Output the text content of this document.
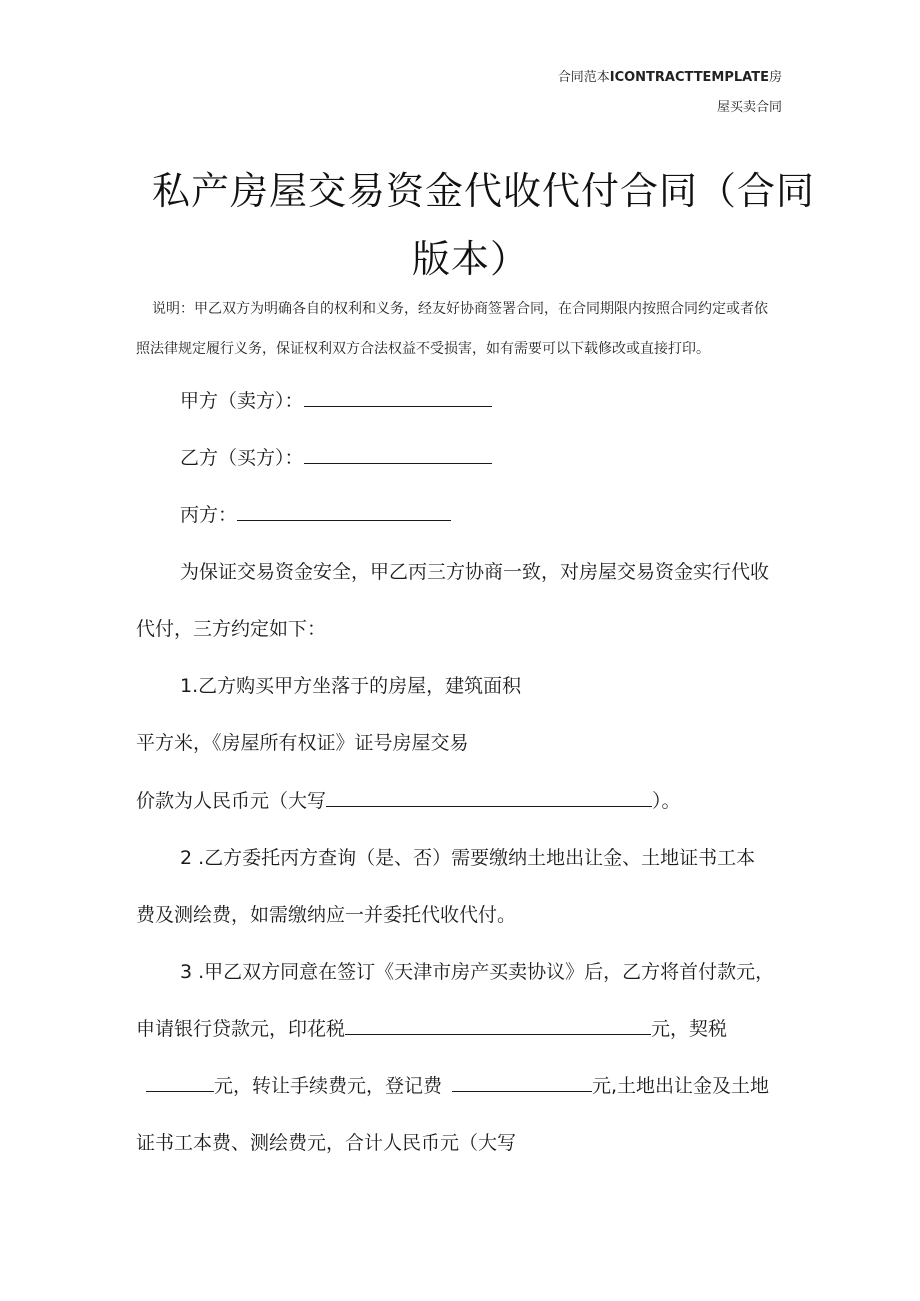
合同范本ICONTRACTTEMPLATE房
屋买卖合同
私产房屋交易资金代收代付合同（合同
版本）
说明：甲乙双方为明确各自的权利和义务，经友好协商签署合同，在合同期限内按照合同约定或者依
照法律规定履行义务，保证权利双方合法权益不受损害，如有需要可以下载修改或直接打印。
甲方（卖方）：
乙方（买方）：
丙方：
为保证交易资金安全，甲乙丙三方协商一致，对房屋交易资金实行代收
代付，三方约定如下：
1.乙方购买甲方坐落于的房屋，建筑面积
平方米，《房屋所有权证》证号房屋交易
价款为人民币元（大写	）。
2 .乙方委托丙方查询（是、否）需要缴纳土地出让金、土地证书工本
费及测绘费，如需缴纳应一并委托代收代付。
3 .甲乙双方同意在签订《天津市房产买卖协议》后，乙方将首付款元，
申请银行贷款元，印花税	元，契税
元，转让手续费元，登记费	元,土地出让金及土地
证书工本费、测绘费元，合计人民币元（大写
